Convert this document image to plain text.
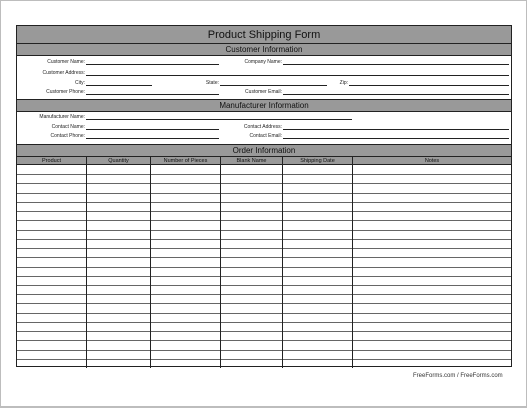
Product Shipping Form
Customer Information
Customer Name:	Company Name:
Customer Address:
City:	State:	Zip:
Customer Phone:	Customer Email:
Manufacturer Information
Manufacturer Name:
Contact Name:	Contact Address:
Contact Phone:	Contact Email:
Order Information
Product	Quantity	Number of Pieces	Blank Name	Shipping Date	Notes
FreeForms.com / FreeForms.com
